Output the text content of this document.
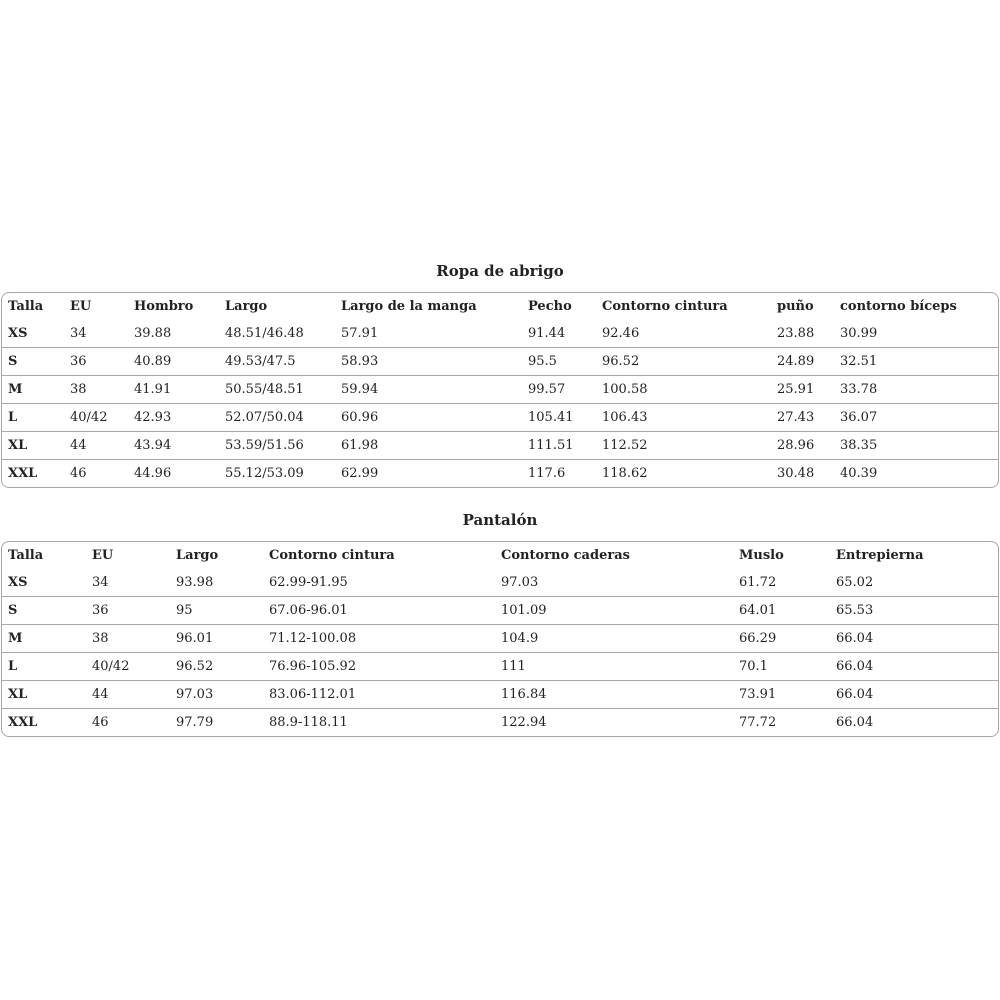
Ropa de abrigo
Talla	EU	Hombro	Largo	Largo de la manga	Pecho	Contorno cintura	puño	contorno bíceps
XS	34	39.88	48.51/46.48	57.91	91.44	92.46	23.88	30.99
S	36	40.89	49.53/47.5	58.93	95.5	96.52	24.89	32.51
M	38	41.91	50.55/48.51	59.94	99.57	100.58	25.91	33.78
L	40/42	42.93	52.07/50.04	60.96	105.41	106.43	27.43	36.07
XL	44	43.94	53.59/51.56	61.98	111.51	112.52	28.96	38.35
XXL	46	44.96	55.12/53.09	62.99	117.6	118.62	30.48	40.39
Pantalón
Talla	EU	Largo	Contorno cintura	Contorno caderas	Muslo	Entrepierna
XS	34	93.98	62.99-91.95	97.03	61.72	65.02
S	36	95	67.06-96.01	101.09	64.01	65.53
M	38	96.01	71.12-100.08	104.9	66.29	66.04
L	40/42	96.52	76.96-105.92	111	70.1	66.04
XL	44	97.03	83.06-112.01	116.84	73.91	66.04
XXL	46	97.79	88.9-118.11	122.94	77.72	66.04
